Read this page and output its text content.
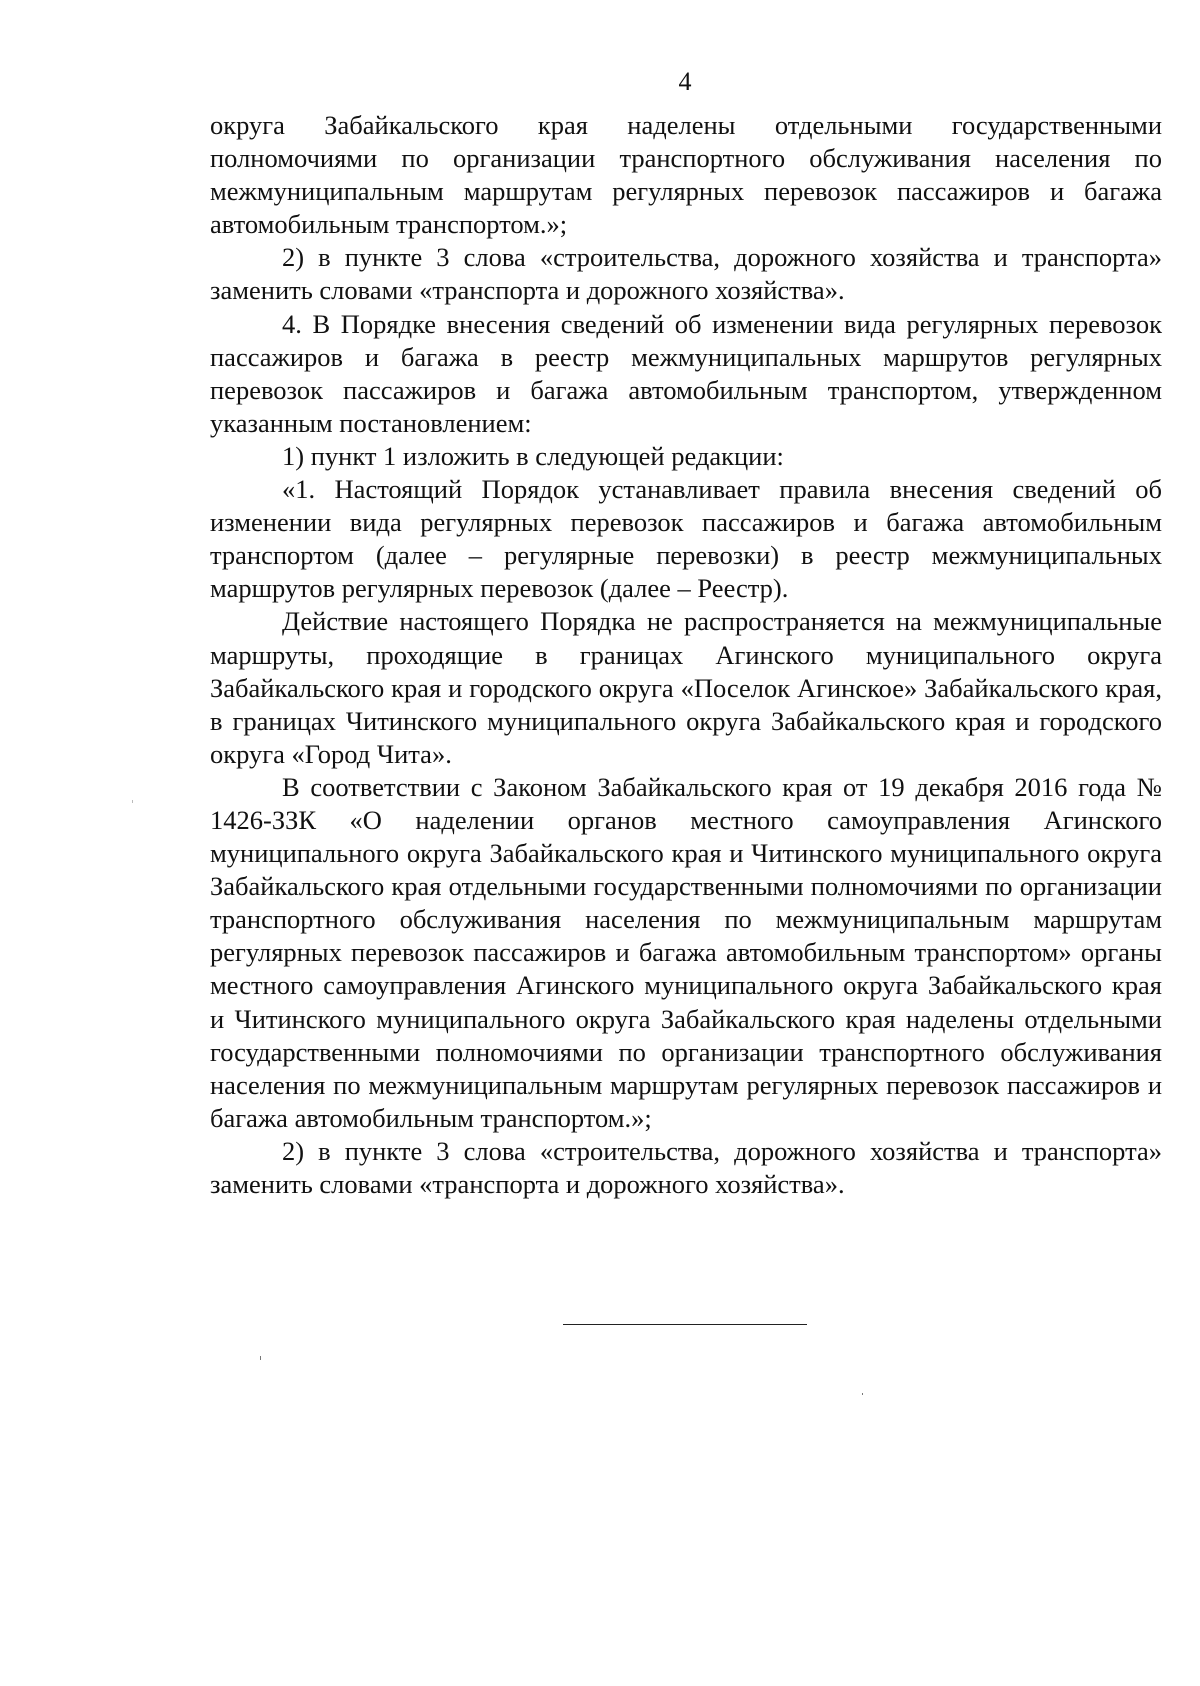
4

округа Забайкальского края наделены отдельными государственными полномочиями по организации транспортного обслуживания населения по межмуниципальным маршрутам регулярных перевозок пассажиров и багажа автомобильным транспортом.»;

2) в пункте 3 слова «строительства, дорожного хозяйства и транспорта» заменить словами «транспорта и дорожного хозяйства».

4. В Порядке внесения сведений об изменении вида регулярных перевозок пассажиров и багажа в реестр межмуниципальных маршрутов регулярных перевозок пассажиров и багажа автомобильным транспортом, утвержденном указанным постановлением:

1) пункт 1 изложить в следующей редакции:

«1. Настоящий Порядок устанавливает правила внесения сведений об изменении вида регулярных перевозок пассажиров и багажа автомобильным транспортом (далее – регулярные перевозки) в реестр межмуниципальных маршрутов регулярных перевозок (далее – Реестр).

Действие настоящего Порядка не распространяется на межмуниципальные маршруты, проходящие в границах Агинского муниципального округа Забайкальского края и городского округа «Поселок Агинское» Забайкальского края, в границах Читинского муниципального округа Забайкальского края и городского округа «Город Чита».

В соответствии с Законом Забайкальского края от 19 декабря 2016 года № 1426-ЗЗК «О наделении органов местного самоуправления Агинского муниципального округа Забайкальского края и Читинского муниципального округа Забайкальского края отдельными государственными полномочиями по организации транспортного обслуживания населения по межмуниципальным маршрутам регулярных перевозок пассажиров и багажа автомобильным транспортом» органы местного самоуправления Агинского муниципального округа Забайкальского края и Читинского муниципального округа Забайкальского края наделены отдельными государственными полномочиями по организации транспортного обслуживания населения по межмуниципальным маршрутам регулярных перевозок пассажиров и багажа автомобильным транспортом.»;

2) в пункте 3 слова «строительства, дорожного хозяйства и транспорта» заменить словами «транспорта и дорожного хозяйства».
